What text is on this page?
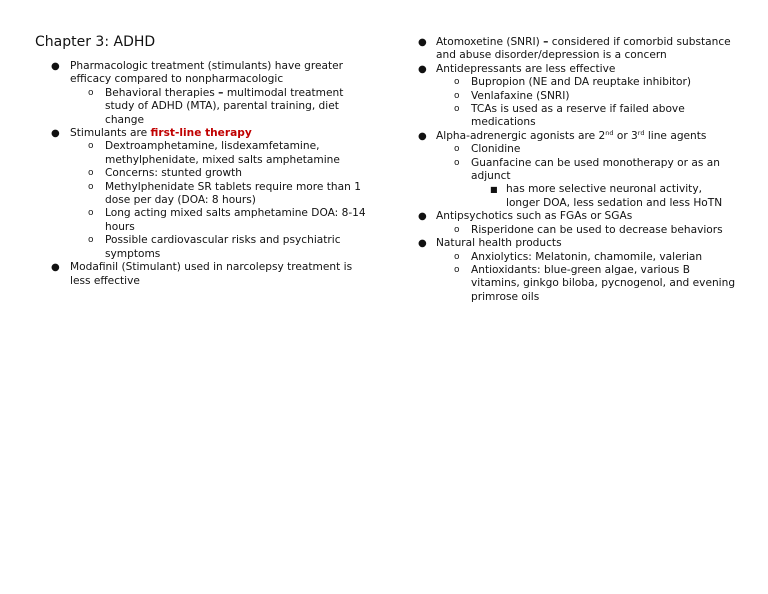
Chapter 3: ADHD
● Pharmacologic treatment (stimulants) have greater efficacy compared to nonpharmacologic
o Behavioral therapies – multimodal treatment study of ADHD (MTA), parental training, diet change
● Stimulants are first-line therapy
o Dextroamphetamine, lisdexamfetamine, methylphenidate, mixed salts amphetamine
o Concerns: stunted growth
o Methylphenidate SR tablets require more than 1 dose per day (DOA: 8 hours)
o Long acting mixed salts amphetamine DOA: 8-14 hours
o Possible cardiovascular risks and psychiatric symptoms
● Modafinil (Stimulant) used in narcolepsy treatment is less effective
● Atomoxetine (SNRI) – considered if comorbid substance and abuse disorder/depression is a concern
● Antidepressants are less effective
o Bupropion (NE and DA reuptake inhibitor)
o Venlafaxine (SNRI)
o TCAs is used as a reserve if failed above medications
● Alpha-adrenergic agonists are 2nd or 3rd line agents
o Clonidine
o Guanfacine can be used monotherapy or as an adjunct
■ has more selective neuronal activity, longer DOA, less sedation and less HoTN
● Antipsychotics such as FGAs or SGAs
o Risperidone can be used to decrease behaviors
● Natural health products
o Anxiolytics: Melatonin, chamomile, valerian
o Antioxidants: blue-green algae, various B vitamins, ginkgo biloba, pycnogenol, and evening primrose oils
